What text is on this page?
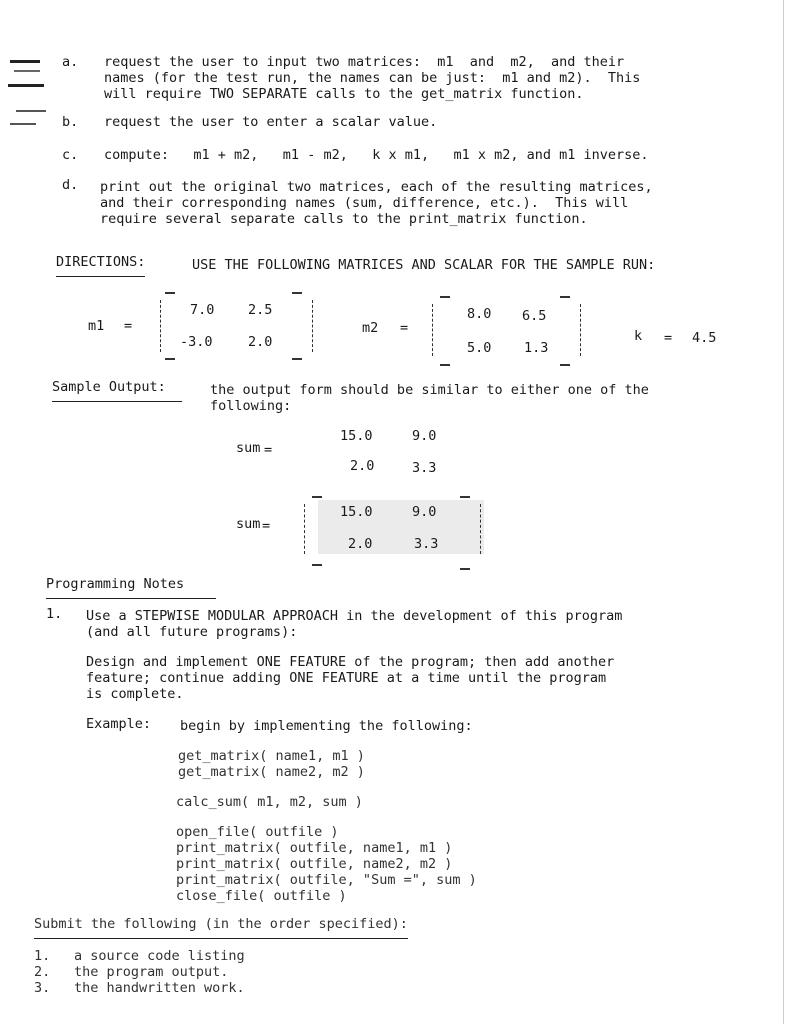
a. request the user to input two matrices:  m1  and  m2,  and their
names (for the test run, the names can be just:  m1 and m2).  This
will require TWO SEPARATE calls to the get_matrix function.
b. request the user to enter a scalar value.
c. compute:   m1 + m2,   m1 - m2,   k x m1,   m1 x m2, and m1 inverse.
d. print out the original two matrices, each of the resulting matrices,
and their corresponding names (sum, difference, etc.).  This will
require several separate calls to the print_matrix function.
DIRECTIONS:	USE THE FOLLOWING MATRICES AND SCALAR FOR THE SAMPLE RUN:
m1 =
7.0 2.5
-3.0	2.0
m2 =
8.0 6.5
5.0 1.3
k = 4.5
Sample Output:	the output form should be similar to either one of the
following:
sum =
15.0	9.0
2.0	3.3
sum =
15.0	9.0
2.0	3.3
Programming Notes
1. Use a STEPWISE MODULAR APPROACH in the development of this program
(and all future programs):
Design and implement ONE FEATURE of the program; then add another
feature; continue adding ONE FEATURE at a time until the program
is complete.
Example: begin by implementing the following:
get_matrix( name1, m1 )
get_matrix( name2, m2 )
calc_sum( m1, m2, sum )
open_file( outfile )
print_matrix( outfile, name1, m1 )
print_matrix( outfile, name2, m2 )
print_matrix( outfile, "Sum =", sum )
close_file( outfile )
Submit the following (in the order specified):
1. a source code listing
2. the program output.
3. the handwritten work.
